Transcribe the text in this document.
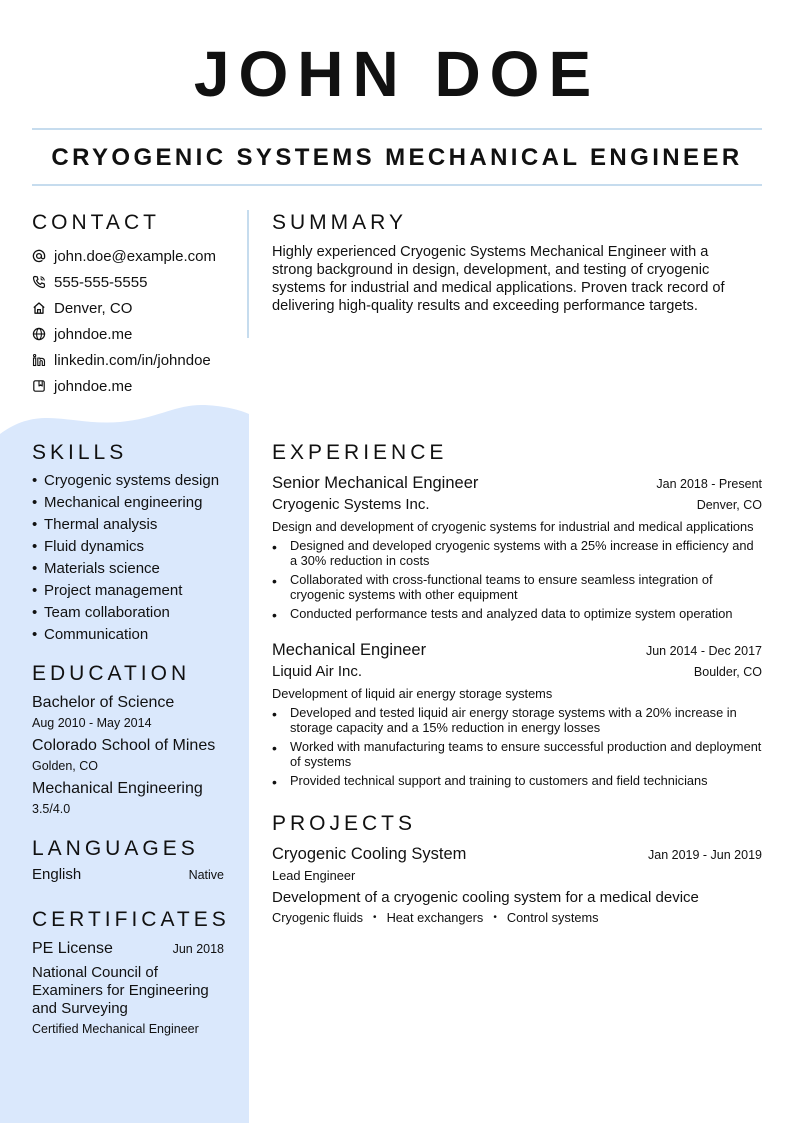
JOHN DOE
CRYOGENIC SYSTEMS MECHANICAL ENGINEER
CONTACT
john.doe@example.com
555-555-5555
Denver, CO
johndoe.me
linkedin.com/in/johndoe
johndoe.me
SUMMARY

Highly experienced Cryogenic Systems Mechanical Engineer with a strong background in design, development, and testing of cryogenic systems for industrial and medical applications. Proven track record of delivering high-quality results and exceeding performance targets.

SKILLS
• Cryogenic systems design
• Mechanical engineering
• Thermal analysis
• Fluid dynamics
• Materials science
• Project management
• Team collaboration
• Communication
EDUCATION
Bachelor of Science
Aug 2010 - May 2014
Colorado School of Mines
Golden, CO
Mechanical Engineering
3.5/4.0
LANGUAGES
English	Native
CERTIFICATES
PE License	Jun 2018
National Council of Examiners for Engineering and Surveying
Certified Mechanical Engineer
EXPERIENCE
Senior Mechanical Engineer	Jan 2018 - Present
Cryogenic Systems Inc.	Denver, CO

Design and development of cryogenic systems for industrial and medical applications

•	Designed and developed cryogenic systems with a 25% increase in efficiency and a 30% reduction in costs
•	Collaborated with cross-functional teams to ensure seamless integration of cryogenic systems with other equipment
•	Conducted performance tests and analyzed data to optimize system operation
Mechanical Engineer	Jun 2014 - Dec 2017
Liquid Air Inc.	Boulder, CO

Development of liquid air energy storage systems

•	Developed and tested liquid air energy storage systems with a 20% increase in storage capacity and a 15% reduction in energy losses
•	Worked with manufacturing teams to ensure successful production and deployment of systems
•	Provided technical support and training to customers and field technicians
PROJECTS
Cryogenic Cooling System	Jan 2019 - Jun 2019
Lead Engineer
Development of a cryogenic cooling system for a medical device
Cryogenic fluids • Heat exchangers • Control systems
